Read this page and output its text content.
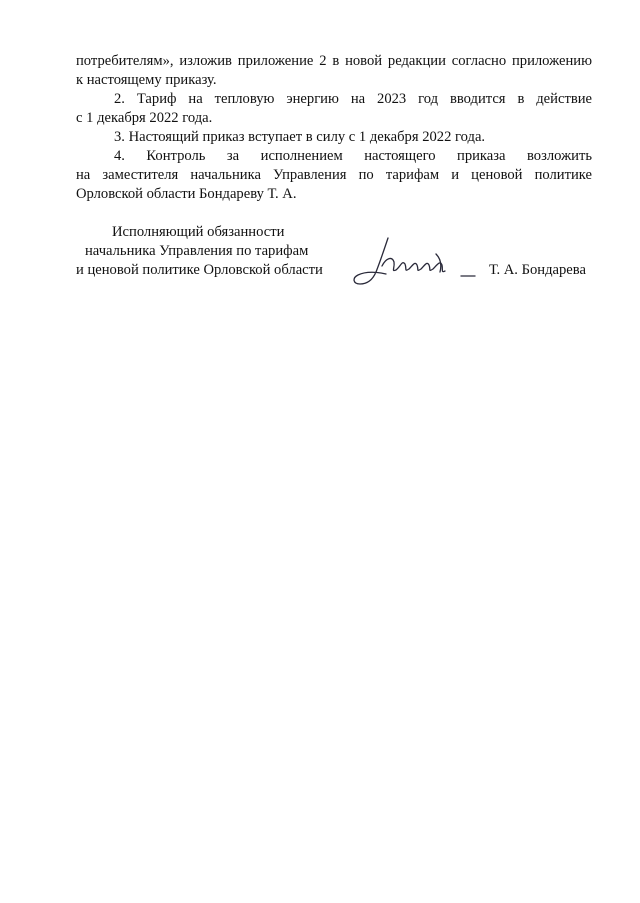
потребителям», изложив приложение 2 в новой редакции согласно приложению
к настоящему приказу.
2. Тариф на тепловую энергию на 2023 год вводится в действие
с 1 декабря 2022 года.
3. Настоящий приказ вступает в силу с 1 декабря 2022 года.
4. Контроль за исполнением настоящего приказа возложить
на заместителя начальника Управления по тарифам и ценовой политике
Орловской области Бондареву Т. А.
Исполняющий обязанности
начальника Управления по тарифам
и ценовой политике Орловской области	Т. А. Бондарева
